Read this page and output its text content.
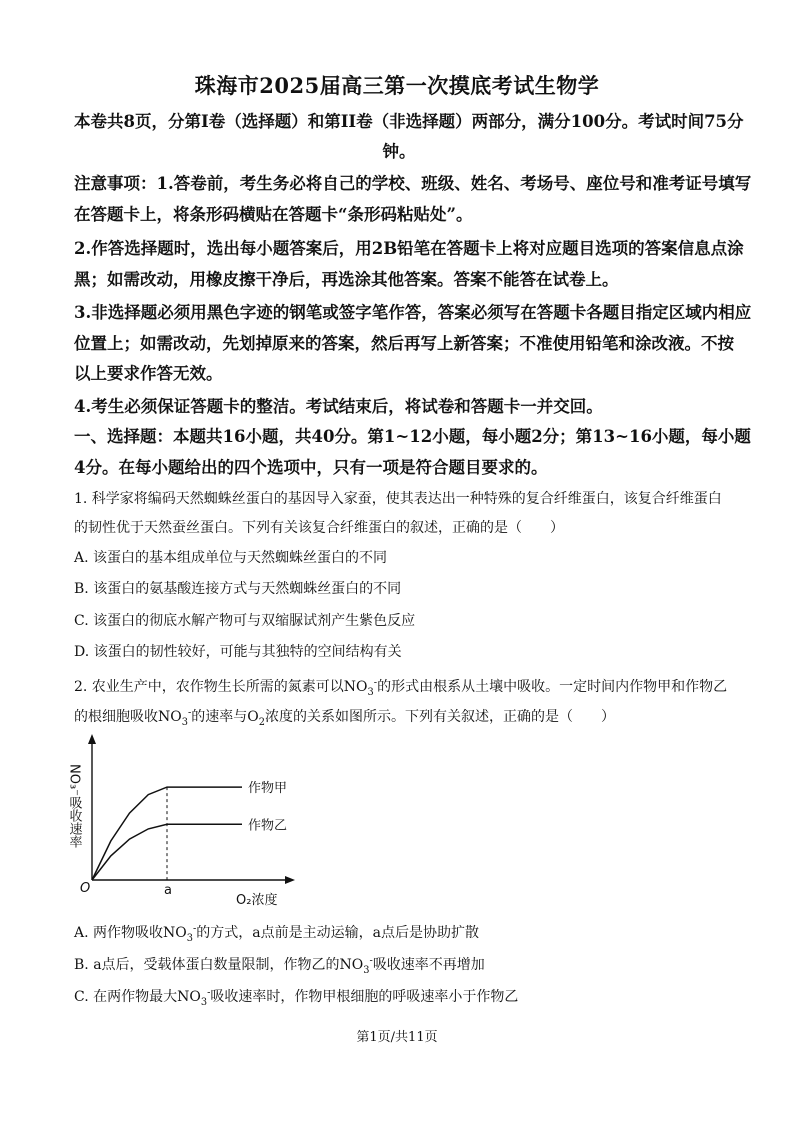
珠海市2025届高三第一次摸底考试生物学
本卷共8页，分第I卷（选择题）和第II卷（非选择题）两部分，满分100分。考试时间75分
钟。
注意事项：1.答卷前，考生务必将自己的学校、班级、姓名、考场号、座位号和准考证号填写
在答题卡上，将条形码横贴在答题卡“条形码粘贴处”。
2.作答选择题时，选出每小题答案后，用2B铅笔在答题卡上将对应题目选项的答案信息点涂
黑；如需改动，用橡皮擦干净后，再选涂其他答案。答案不能答在试卷上。
3.非选择题必须用黑色字迹的钢笔或签字笔作答，答案必须写在答题卡各题目指定区域内相应
位置上；如需改动，先划掉原来的答案，然后再写上新答案；不准使用铅笔和涂改液。不按
以上要求作答无效。
4.考生必须保证答题卡的整洁。考试结束后，将试卷和答题卡一并交回。
一、选择题：本题共16小题，共40分。第1~12小题，每小题2分；第13~16小题，每小题
4分。在每小题给出的四个选项中，只有一项是符合题目要求的。
1. 科学家将编码天然蜘蛛丝蛋白的基因导入家蚕，使其表达出一种特殊的复合纤维蛋白，该复合纤维蛋白
的韧性优于天然蚕丝蛋白。下列有关该复合纤维蛋白的叙述，正确的是（　　）
A. 该蛋白的基本组成单位与天然蜘蛛丝蛋白的不同
B. 该蛋白的氨基酸连接方式与天然蜘蛛丝蛋白的不同
C. 该蛋白的彻底水解产物可与双缩脲试剂产生紫色反应
D. 该蛋白的韧性较好，可能与其独特的空间结构有关
2. 农业生产中，农作物生长所需的氮素可以$NO_3^-$的形式由根系从土壤中吸收。一定时间内作物甲和作物乙
的根细胞吸收$NO_3^-$的速率与$O_2$浓度的关系如图所示。下列有关叙述，正确的是（　　）
作物甲
作物乙
O	a
O₂浓度
NO₃⁻吸收速率
A. 两作物吸收$NO_3^-$的方式，a点前是主动运输，a点后是协助扩散
B. a点后，受载体蛋白数量限制，作物乙的$NO_3^-$吸收速率不再增加
C. 在两作物最大$NO_3^-$吸收速率时，作物甲根细胞的呼吸速率小于作物乙
第1页/共11页
